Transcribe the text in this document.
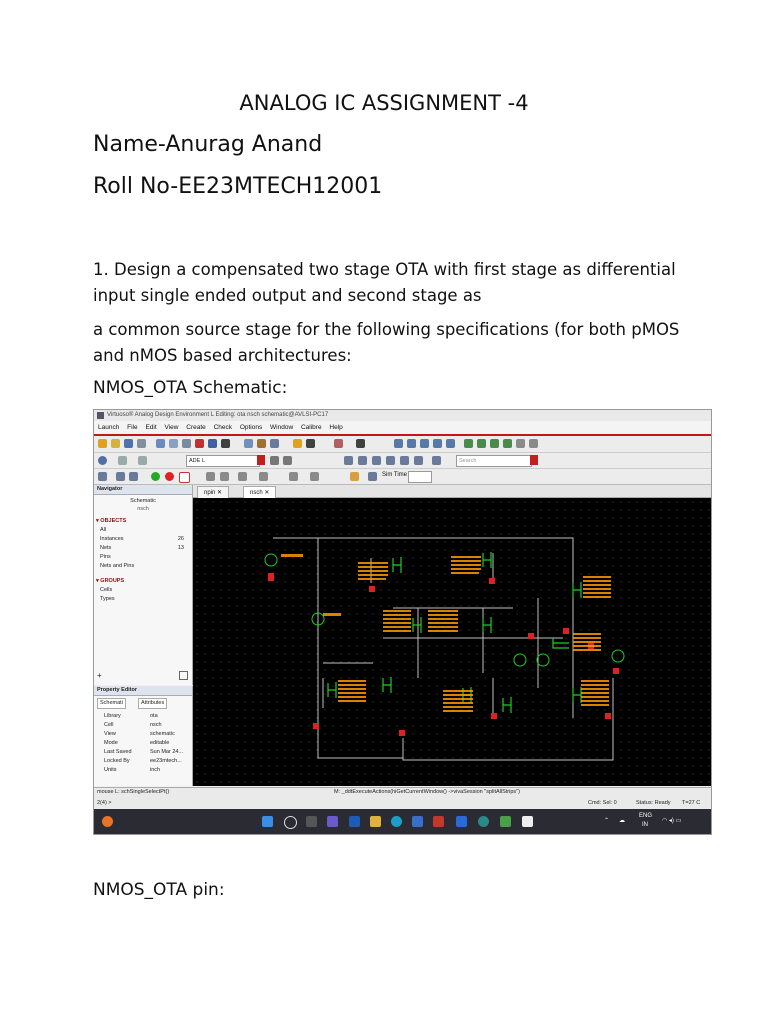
ANALOG IC ASSIGNMENT -4
Name-Anurag Anand
Roll No-EE23MTECH12001
1. Design a compensated two stage OTA with first stage as differential input single ended output and second stage as
a common source stage for the following specifications (for both pMOS and nMOS based architectures:
NMOS_OTA Schematic:
NMOS_OTA pin:
Virtuoso® Analog Design Environment L Editing: ota nsch schematic@AVLSI-PC17
Launch File Edit View Create Check Options Window Calibre Help
ADE L	Search
Sim Time
Navigator
Schematic
nsch
▾ OBJECTS
All
Instances	26
Nets	13
Pins
Nets and Pins
▾ GROUPS
Cells
Types
+
Property Editor
Schemati	Attributes
Library	ota
Cell	nsch
View	schematic
Mode	editable
Last Saved	Sun Mar 24...
Locked By	ee23mtech...
Units	inch
npin ✕	nsch ✕
mouse L: schSingleSelectPt()	M: _ddtExecuteActions(hiGetCurrentWindow() ->vivaSession "splitAllStrips")
2(4) >	Cmd: Sel: 0	Status: Ready T=27 C
⌃ ☁
ENG
IN
◠ ◂) ▭
